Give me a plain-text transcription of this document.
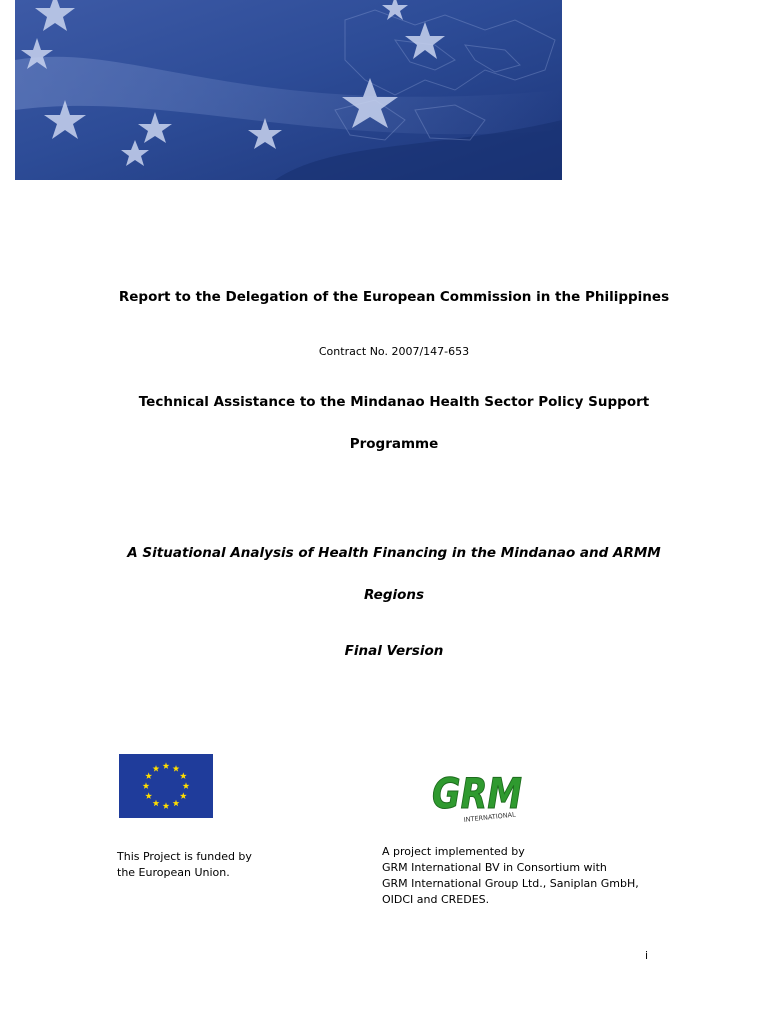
Report to the Delegation of the European Commission in the Philippines
Contract No. 2007/147-653
Technical Assistance to the Mindanao Health Sector Policy Support
Programme
A Situational Analysis of Health Financing in the Mindanao and ARMM
Regions
Final Version
GRM
INTERNATIONAL
This Project is funded by
the European Union.
A project implemented by
GRM International BV in Consortium with
GRM International Group Ltd., Saniplan GmbH,
OIDCI and CREDES.
i
